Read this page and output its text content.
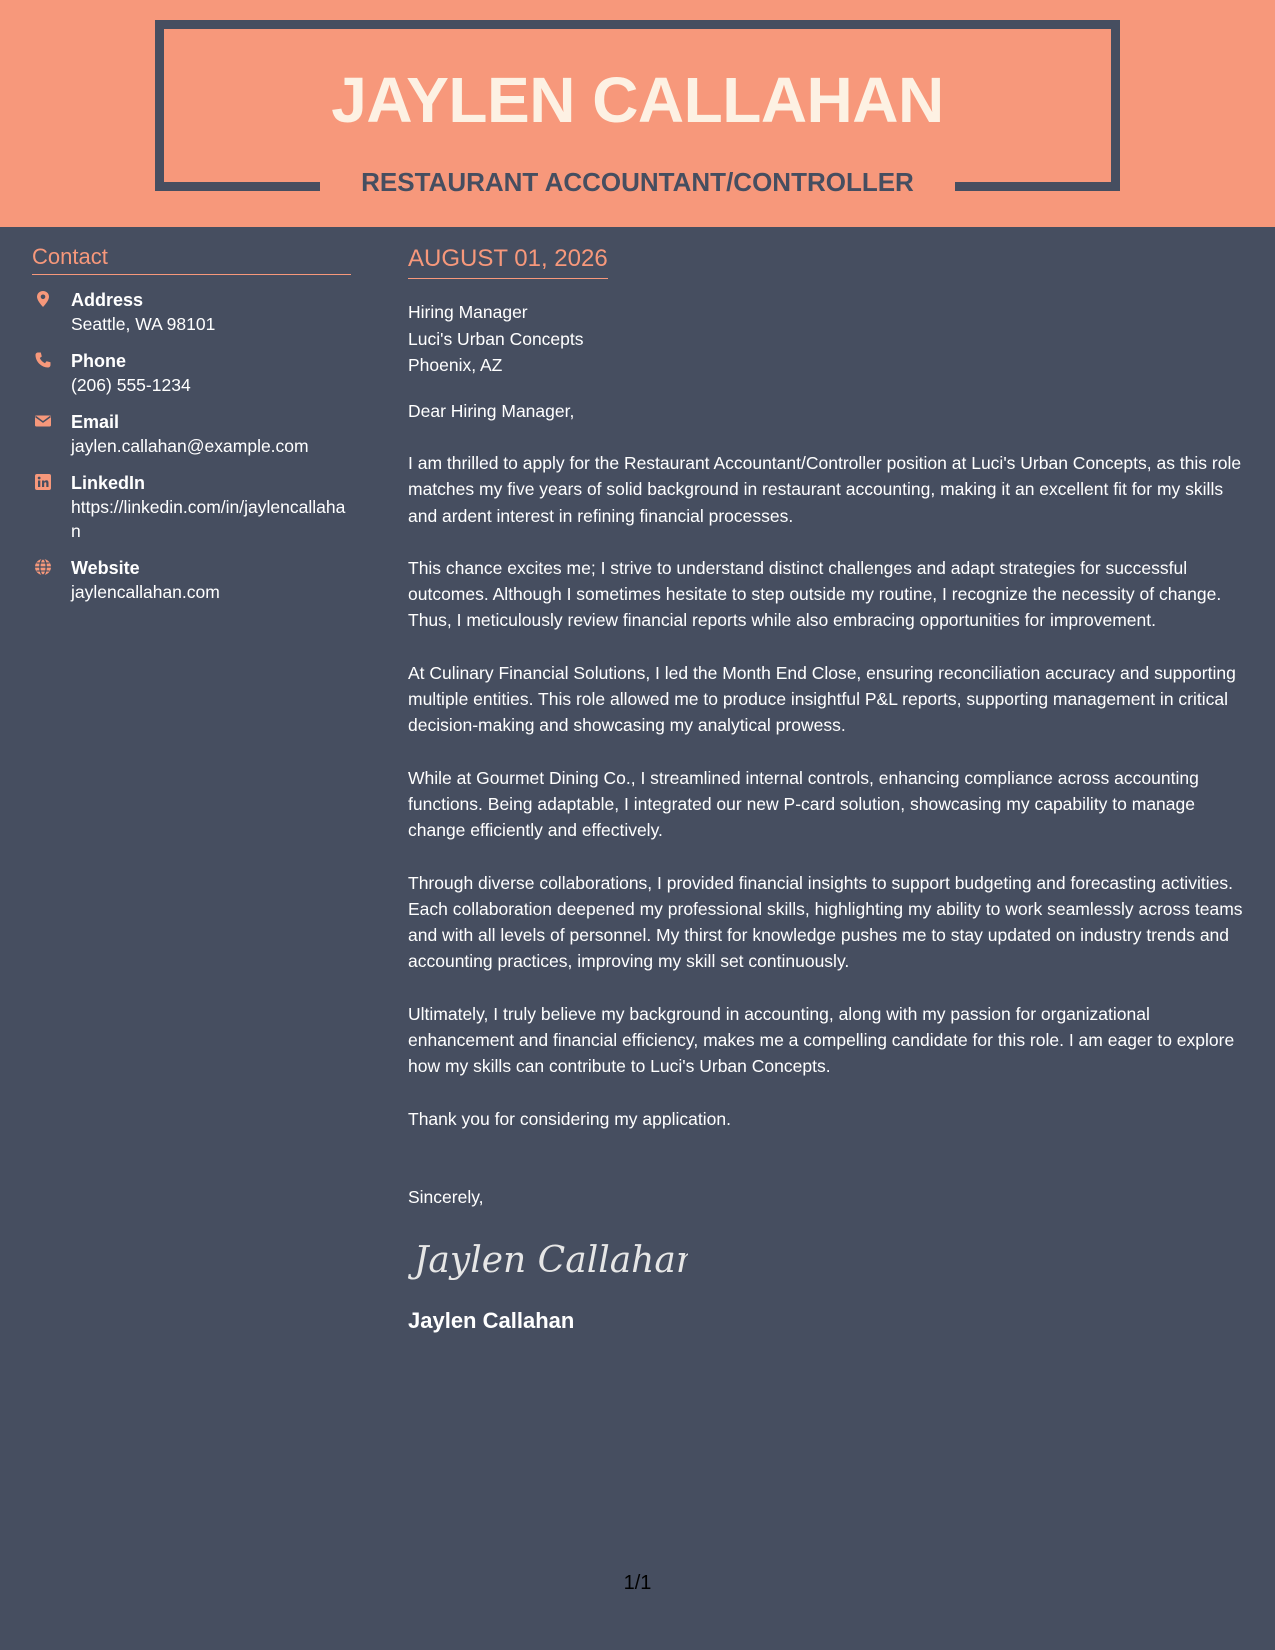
JAYLEN CALLAHAN
RESTAURANT ACCOUNTANT/CONTROLLER
Contact
Address
Seattle, WA 98101
Phone
(206) 555-1234
Email
jaylen.callahan@example.com
LinkedIn
https://linkedin.com/in/jaylencallahan
Website
jaylencallahan.com
AUGUST 01, 2026
Hiring Manager
Luci's Urban Concepts
Phoenix, AZ
Dear Hiring Manager,
I am thrilled to apply for the Restaurant Accountant/Controller position at Luci's Urban Concepts, as this role matches my five years of solid background in restaurant accounting, making it an excellent fit for my skills and ardent interest in refining financial processes.
This chance excites me; I strive to understand distinct challenges and adapt strategies for successful outcomes. Although I sometimes hesitate to step outside my routine, I recognize the necessity of change. Thus, I meticulously review financial reports while also embracing opportunities for improvement.
At Culinary Financial Solutions, I led the Month End Close, ensuring reconciliation accuracy and supporting multiple entities. This role allowed me to produce insightful P&L reports, supporting management in critical decision-making and showcasing my analytical prowess.
While at Gourmet Dining Co., I streamlined internal controls, enhancing compliance across accounting functions. Being adaptable, I integrated our new P-card solution, showcasing my capability to manage change efficiently and effectively.
Through diverse collaborations, I provided financial insights to support budgeting and forecasting activities. Each collaboration deepened my professional skills, highlighting my ability to work seamlessly across teams and with all levels of personnel. My thirst for knowledge pushes me to stay updated on industry trends and accounting practices, improving my skill set continuously.
Ultimately, I truly believe my background in accounting, along with my passion for organizational enhancement and financial efficiency, makes me a compelling candidate for this role. I am eager to explore how my skills can contribute to Luci's Urban Concepts.
Thank you for considering my application.
Sincerely,
Jaylen Callahan
Jaylen Callahan
1/1
